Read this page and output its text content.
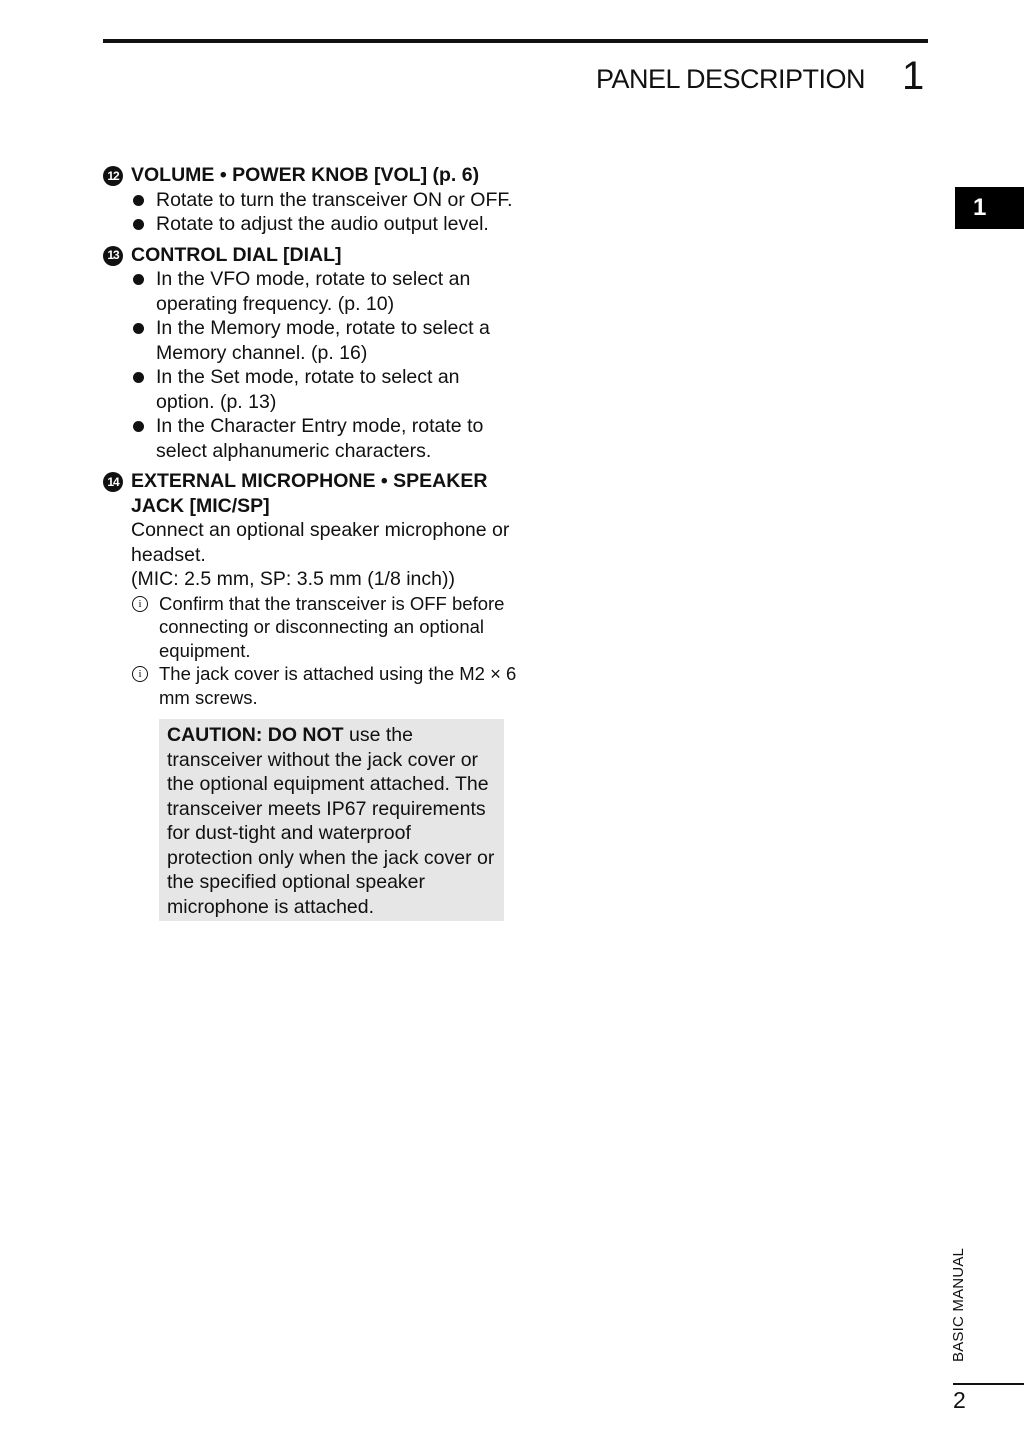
PANEL DESCRIPTION 1
1
12 VOLUME • POWER KNOB [VOL] (p. 6)
Rotate to turn the transceiver ON or OFF.
Rotate to adjust the audio output level.
13 CONTROL DIAL [DIAL]
In the VFO mode, rotate to select an operating frequency. (p. 10)
In the Memory mode, rotate to select a Memory channel. (p. 16)
In the Set mode, rotate to select an option. (p. 13)
In the Character Entry mode, rotate to select alphanumeric characters.
14 EXTERNAL MICROPHONE • SPEAKER JACK [MIC/SP]
Connect an optional speaker microphone or headset.
(MIC: 2.5 mm, SP: 3.5 mm (1/8 inch))
i Confirm that the transceiver is OFF before connecting or disconnecting an optional equipment.
i The jack cover is attached using the M2 × 6 mm screws.
CAUTION: DO NOT use the transceiver without the jack cover or the optional equipment attached. The transceiver meets IP67 requirements for dust-tight and waterproof protection only when the jack cover or the specified optional speaker microphone is attached.
BASIC MANUAL
2
